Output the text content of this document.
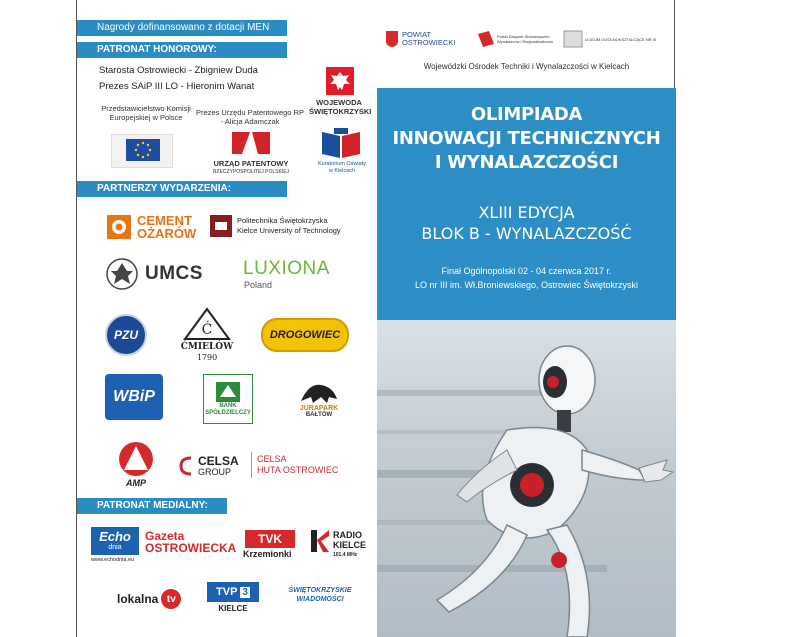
Nagrody dofinansowano z dotacji MEN
PATRONAT HONOROWY:
Starosta Ostrowiecki - Zbigniew Duda
Prezes SAiP III LO - Hieronim Wanat
WOJEWODA
ŚWIĘTOKRZYSKI
Przedstawicielstwo Komisji
Europejskiej w Polsce
Prezes Urzędu Patentowego RP
- Alicja Adamczak
URZĄD PATENTOWY
RZECZYPOSPOLITEJ POLSKIEJ
Kuratorium Oświaty
w Kielcach
PARTNERZY WYDARZENIA:
CEMENT
OŻARÓW
Politechnika Świętokrzyska
Kielce University of Technology
UMCS LUXIONA
Poland
PZU	Ć
ĆMIELÓW
1790
DROGOWIEC
WBiP
BANK
SPÓŁDZIELCZY
JURAPARK
BAŁTÓW
AMP
CELSA
GROUP
CELSA
HUTA OSTROWIEC
PATRONAT MEDIALNY:
Echo
dnia
www.echodnia.eu
Gazeta
OSTROWIECKA
TVK
Krzemionki
RADIO
KIELCE
101,4 MHz
lokalna tv
TVP 3
KIELCE
ŚWIĘTOKRZYSKIE
WIADOMOŚCI
POWIAT
OSTROWIECKI
Polski Związek Stowarzyszeń
Wynalazców i Racjonalizatorów	LICEUM OGÓLNOKSZTAŁCĄCE NR III
Wojewódzki Ośrodek Techniki i Wynalazczości w Kielcach
OLIMPIADA
INNOWACJI TECHNICZNYCH
I WYNALAZCZOŚCI
XLIII EDYCJA
BLOK B - WYNALAZCZOŚĆ
Finał Ogólnopolski 02 - 04 czerwca 2017 r.
LO nr III im. Wł.Broniewskiego, Ostrowiec Świętokrzyski
